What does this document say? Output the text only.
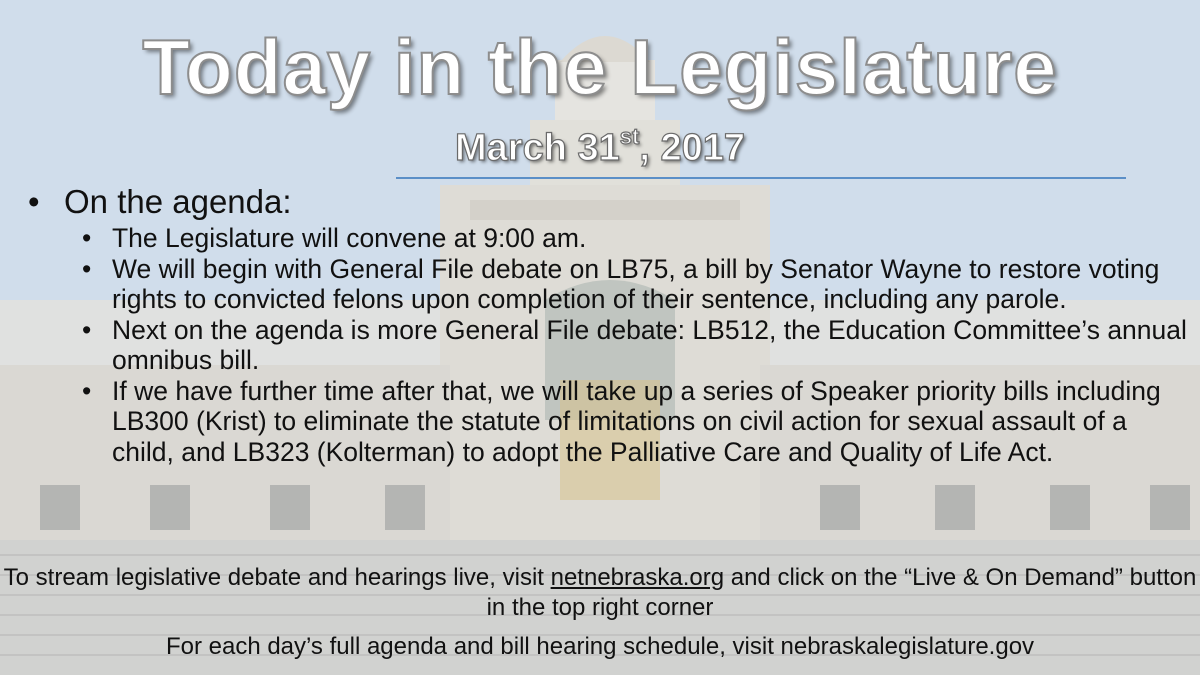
Today in the Legislature
March 31st, 2017
• On the agenda:
• The Legislature will convene at 9:00 am.
• We will begin with General File debate on LB75, a bill by Senator Wayne to restore voting rights to convicted felons upon completion of their sentence, including any parole.
• Next on the agenda is more General File debate: LB512, the Education Committee’s annual omnibus bill.
• If we have further time after that, we will take up a series of Speaker priority bills including LB300 (Krist) to eliminate the statute of limitations on civil action for sexual assault of a child, and LB323 (Kolterman) to adopt the Palliative Care and Quality of Life Act.
To stream legislative debate and hearings live, visit netnebraska.org and click on the “Live & On Demand” button in the top right corner
For each day’s full agenda and bill hearing schedule, visit nebraskalegislature.gov
